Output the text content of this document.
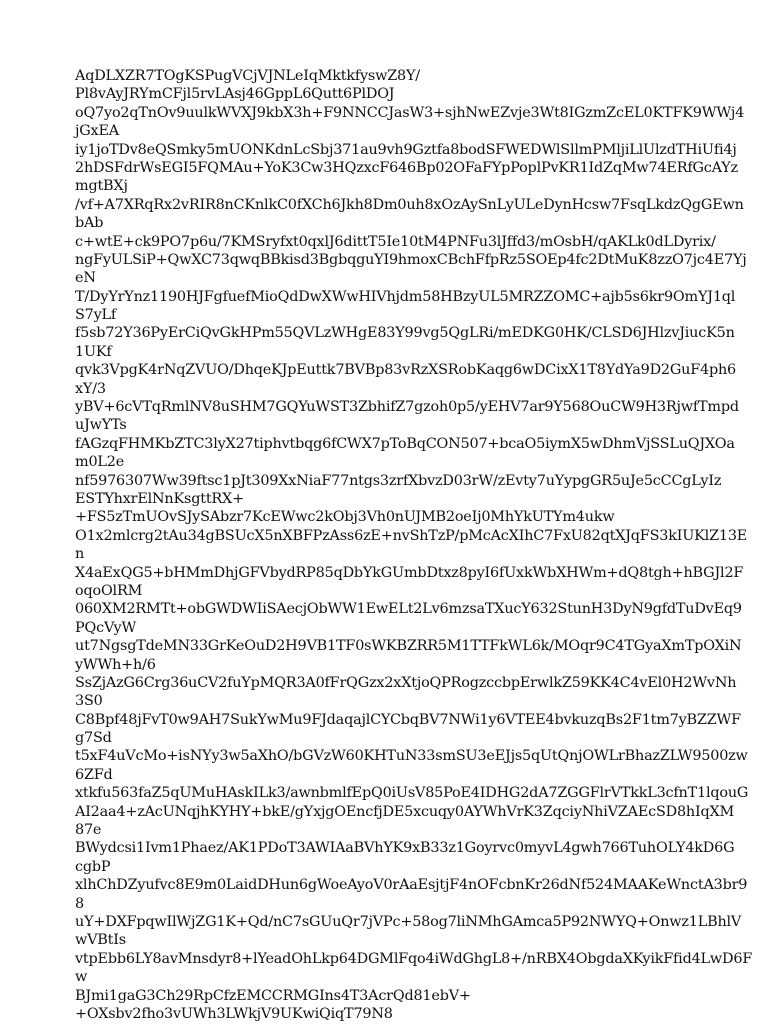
AqDLXZR7TOgKSPugVCjVJNLeIqMktkfyswZ8Y/
Pl8vAyJRYmCFjl5rvLAsj46GppL6Qutt6PlDOJ
oQ7yo2qTnOv9uulkWVXJ9kbX3h+F9NNCCJasW3+sjhNwEZvje3Wt8IGzmZcEL0KTFK9WWj4
jGxEA
iy1joTDv8eQSmky5mUONKdnLcSbj371au9vh9Gztfa8bodSFWEDWlSllmPMljiLlUlzdTHiUfi4j
2hDSFdrWsEGI5FQMAu+YoK3Cw3HQzxcF646Bp02OFaFYpPoplPvKR1IdZqMw74ERfGcAYz
mgtBXj
/vf+A7XRqRx2vRIR8nCKnlkC0fXCh6Jkh8Dm0uh8xOzAySnLyULeDynHcsw7FsqLkdzQgGEwn
bAb
c+wtE+ck9PO7p6u/7KMSryfxt0qxlJ6dittT5Ie10tM4PNFu3lJffd3/mOsbH/qAKLk0dLDyrix/
ngFyULSiP+QwXC73qwqBBkisd3BgbqguYI9hmoxCBchFfpRz5SOEp4fc2DtMuK8zzO7jc4E7Yj
eN
T/DyYrYnz1190HJFgfuefMioQdDwXWwHIVhjdm58HBzyUL5MRZZOMC+ajb5s6kr9OmYJ1ql
S7yLf
f5sb72Y36PyErCiQvGkHPm55QVLzWHgE83Y99vg5QgLRi/mEDKG0HK/CLSD6JHlzvJiucK5n
1UKf
qvk3VpgK4rNqZVUO/DhqeKJpEuttk7BVBp83vRzXSRobKaqg6wDCixX1T8YdYa9D2GuF4ph6
xY/3
yBV+6cVTqRmlNV8uSHM7GQYuWST3ZbhifZ7gzoh0p5/yEHV7ar9Y568OuCW9H3RjwfTmpd
uJwYTs
fAGzqFHMKbZTC3lyX27tiphvtbqg6fCWX7pToBqCON507+bcaO5iymX5wDhmVjSSLuQJXOa
m0L2e
nf5976307Ww39ftsc1pJt309XxNiaF77ntgs3zrfXbvzD03rW/zEvty7uYypgGR5uJe5cCCgLyIz
ESTYhxrElNnKsgttRX+
+FS5zTmUOvSJySAbzr7KcEWwc2kObj3Vh0nUJMB2oeIj0MhYkUTYm4ukw
O1x2mlcrg2tAu34gBSUcX5nXBFPzAss6zE+nvShTzP/pMcAcXIhC7FxU82qtXJqFS3kIUKlZ13E
n
X4aExQG5+bHMmDhjGFVbydRP85qDbYkGUmbDtxz8pyI6fUxkWbXHWm+dQ8tgh+hBGJl2F
oqoOlRM
060XM2RMTt+obGWDWIiSAecjObWW1EwELt2Lv6mzsaTXucY632StunH3DyN9gfdTuDvEq9
PQcVyW
ut7NgsgTdeMN33GrKeOuD2H9VB1TF0sWKBZRR5M1TTFkWL6k/MOqr9C4TGyaXmTpOXiN
yWWh+h/6
SsZjAzG6Crg36uCV2fuYpMQR3A0fFrQGzx2xXtjoQPRogzccbpErwlkZ59KK4C4vEl0H2WvNh
3S0
C8Bpf48jFvT0w9AH7SukYwMu9FJdaqajlCYCbqBV7NWi1y6VTEE4bvkuzqBs2F1tm7yBZZWF
g7Sd
t5xF4uVcMo+isNYy3w5aXhO/bGVzW60KHTuN33smSU3eEJjs5qUtQnjOWLrBhazZLW9500zw
6ZFd
xtkfu563faZ5qUMuHAskILk3/awnbmlfEpQ0iUsV85PoE4IDHG2dA7ZGGFlrVTkkL3cfnT1lqouG
AI2aa4+zAcUNqjhKYHY+bkE/gYxjgOEncfjDE5xcuqy0AYWhVrK3ZqciyNhiVZAEcSD8hIqXM
87e
BWydcsi1Ivm1Phaez/AK1PDoT3AWIAaBVhYK9xB33z1Goyrvc0myvL4gwh766TuhOLY4kD6G
cgbP
xlhChDZyufvc8E9m0LaidDHun6gWoeAyoV0rAaEsjtjF4nOFcbnKr26dNf524MAAKeWnctA3br9
8
uY+DXFpqwIlWjZG1K+Qd/nC7sGUuQr7jVPc+58og7liNMhGAmca5P92NWYQ+Onwz1LBhlV
wVBtIs
vtpEbb6LY8avMnsdyr8+lYeadOhLkp64DGMlFqo4iWdGhgL8+/nRBX4ObgdaXKyikFfid4LwD6F
w
BJmi1gaG3Ch29RpCfzEMCCRMGIns4T3AcrQd81ebV+
+OXsbv2fho3vUWh3LWkjV9UKwiQiqT79N8
